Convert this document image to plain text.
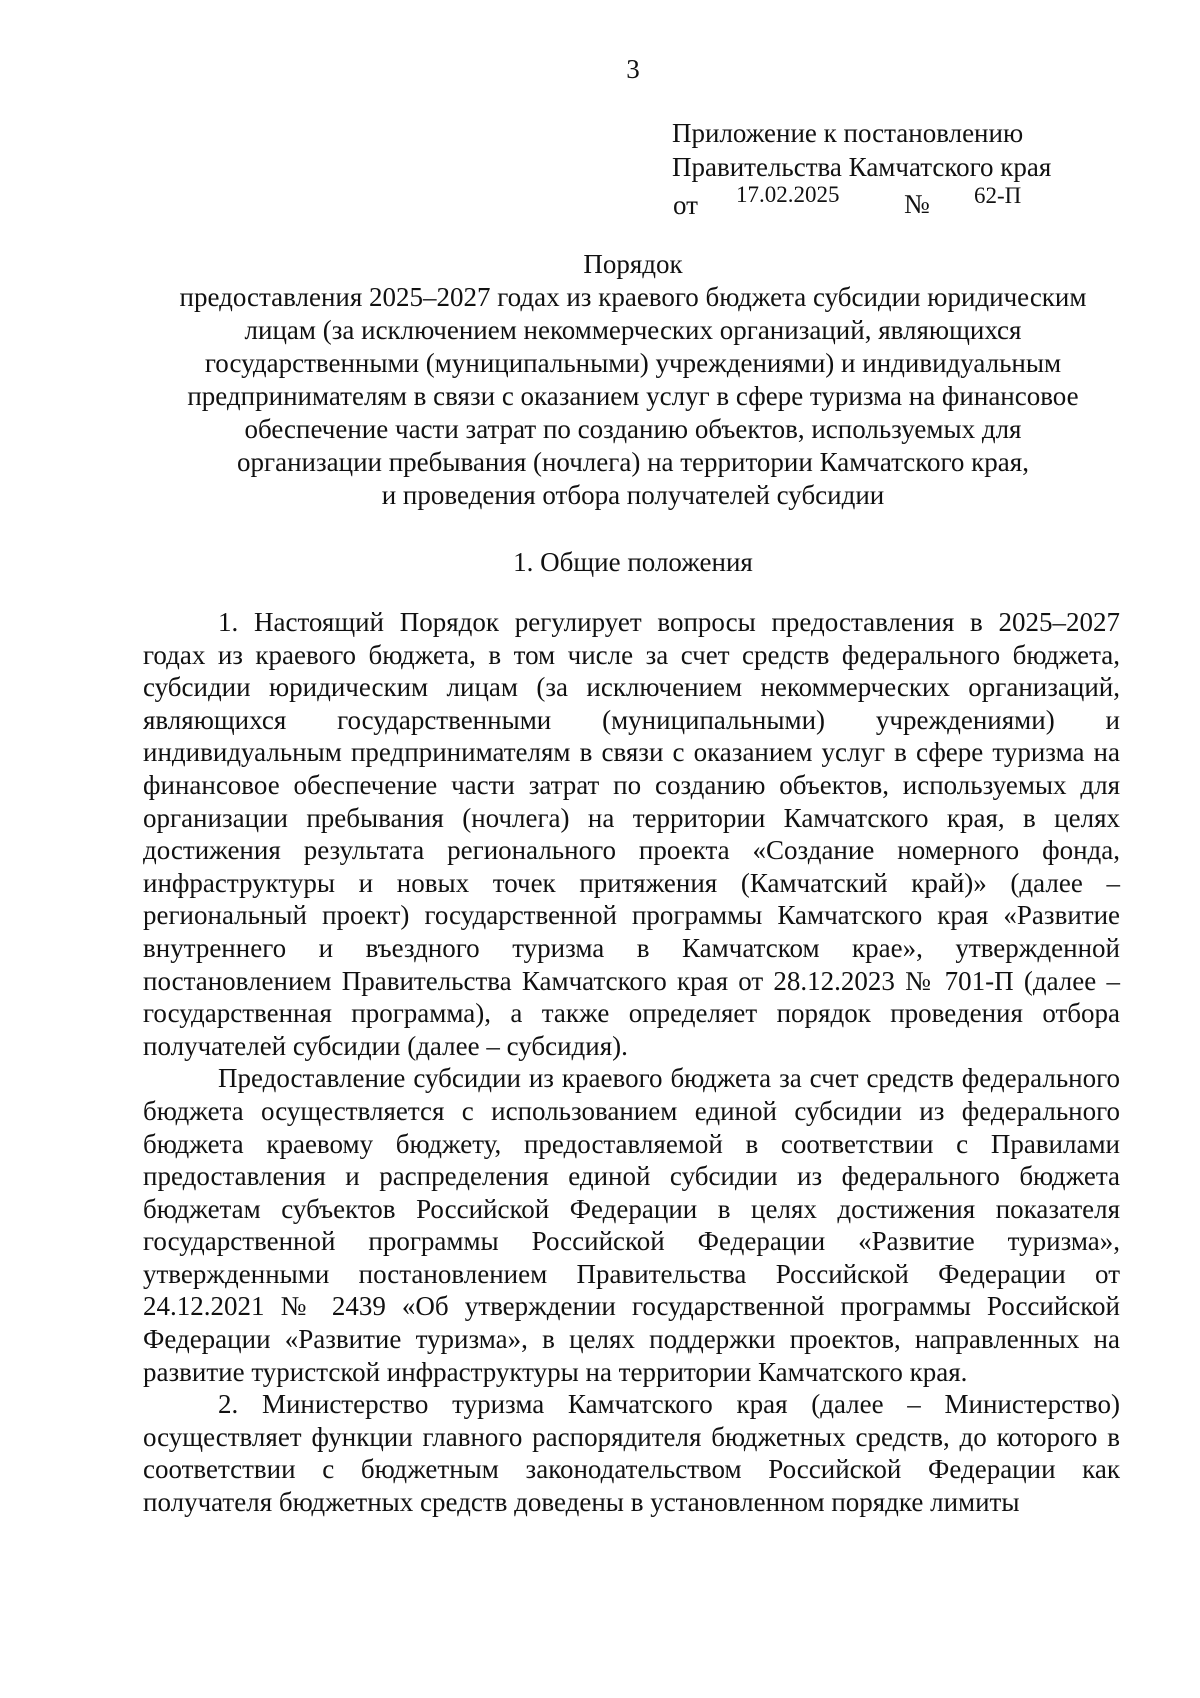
3
Приложение к постановлению
Правительства Камчатского края
от 17.02.2025 № 62-П
Порядок
предоставления 2025–2027 годах из краевого бюджета субсидии юридическим
лицам (за исключением некоммерческих организаций, являющихся
государственными (муниципальными) учреждениями) и индивидуальным
предпринимателям в связи с оказанием услуг в сфере туризма на финансовое
обеспечение части затрат по созданию объектов, используемых для
организации пребывания (ночлега) на территории Камчатского края,
и проведения отбора получателей субсидии
1. Общие положения

1. Настоящий Порядок регулирует вопросы предоставления в 2025–2027 годах из краевого бюджета, в том числе за счет средств федерального бюджета, субсидии юридическим лицам (за исключением некоммерческих организаций, являющихся государственными (муниципальными) учреждениями) и индивидуальным предпринимателям в связи с оказанием услуг в сфере туризма на финансовое обеспечение части затрат по созданию объектов, используемых для организации пребывания (ночлега) на территории Камчатского края, в целях достижения результата регионального проекта «Создание номерного фонда, инфраструктуры и новых точек притяжения (Камчатский край)» (далее – региональный проект) государственной программы Камчатского края «Развитие внутреннего и въездного туризма в Камчатском крае», утвержденной постановлением Правительства Камчатского края от 28.12.2023 № 701-П (далее – государственная программа), а также определяет порядок проведения отбора получателей субсидии (далее – субсидия).

Предоставление субсидии из краевого бюджета за счет средств федерального бюджета осуществляется с использованием единой субсидии из федерального бюджета краевому бюджету, предоставляемой в соответствии с Правилами предоставления и распределения единой субсидии из федерального бюджета бюджетам субъектов Российской Федерации в целях достижения показателя государственной программы Российской Федерации «Развитие туризма», утвержденными постановлением Правительства Российской Федерации от 24.12.2021 № 2439 «Об утверждении государственной программы Российской Федерации «Развитие туризма», в целях поддержки проектов, направленных на развитие туристской инфраструктуры на территории Камчатского края.

2. Министерство туризма Камчатского края (далее – Министерство) осуществляет функции главного распорядителя бюджетных средств, до которого в соответствии с бюджетным законодательством Российской Федерации как получателя бюджетных средств доведены в установленном порядке лимиты
